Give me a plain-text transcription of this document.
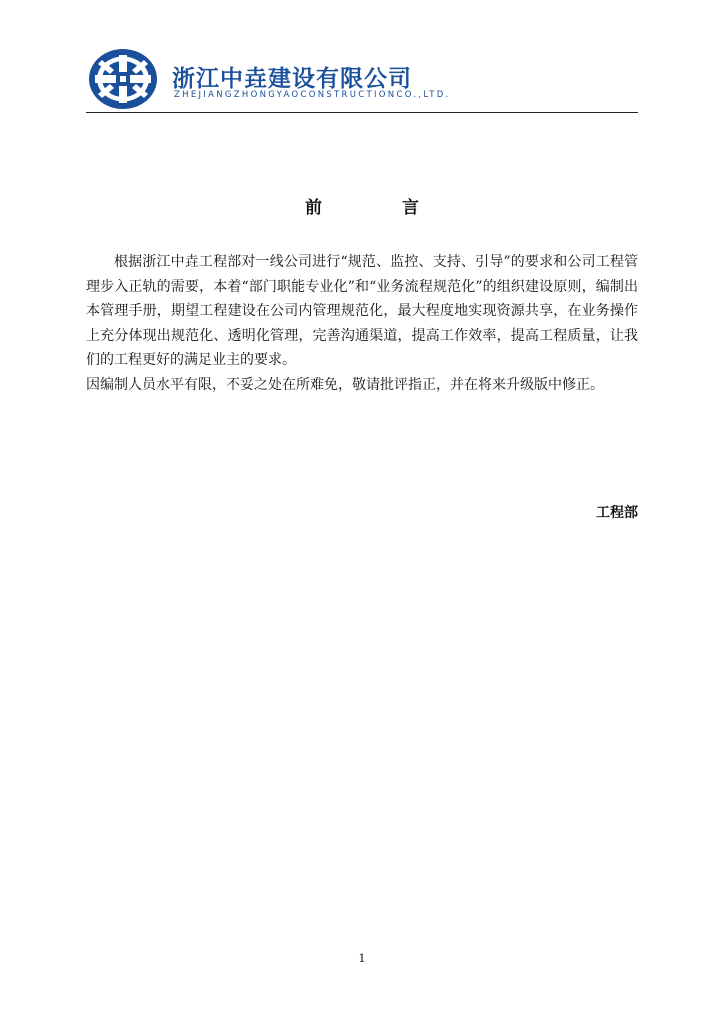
浙江中垚建设有限公司
ZHEJIANGZHONGYAOCONSTRUCTIONCO.,LTD.
前	言

根据浙江中垚工程部对一线公司进行“规范、监控、支持、引导”的要求和公司工程管理步入正轨的需要，本着“部门职能专业化”和“业务流程规范化”的组织建设原则，编制出本管理手册，期望工程建设在公司内管理规范化，最大程度地实现资源共享，在业务操作上充分体现出规范化、透明化管理，完善沟通渠道，提高工作效率，提高工程质量，让我们的工程更好的满足业主的要求。

因编制人员水平有限，不妥之处在所难免，敬请批评指正，并在将来升级版中修正。

工程部
1
